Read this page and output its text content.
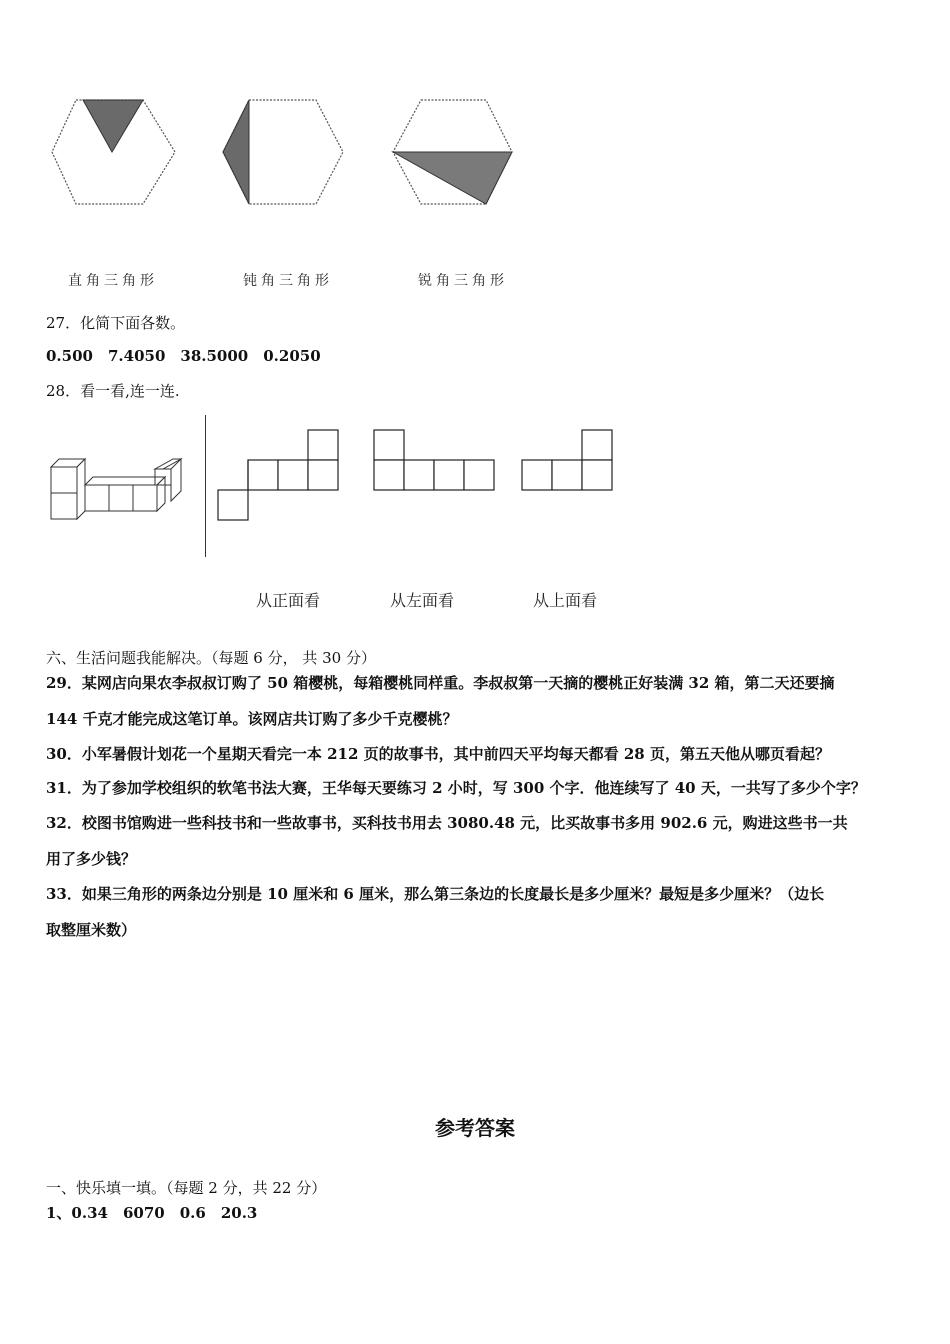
直角三角形	钝角三角形	锐角三角形
27．化简下面各数。
0.500　7.4050　38.5000　0.2050
28．看一看,连一连.
从正面看	从左面看	从上面看
六、生活问题我能解决。（每题 6 分， 共 30 分）
29．某网店向果农李叔叔订购了 50 箱樱桃，每箱樱桃同样重。李叔叔第一天摘的樱桃正好装满 32 箱，第二天还要摘
144 千克才能完成这笔订单。该网店共订购了多少千克樱桃？
30．小军暑假计划花一个星期天看完一本 212 页的故事书，其中前四天平均每天都看 28 页，第五天他从哪页看起？
31．为了参加学校组织的软笔书法大赛，王华每天要练习 2 小时，写 300 个字．他连续写了 40 天，一共写了多少个字？
32．校图书馆购进一些科技书和一些故事书，买科技书用去 3080.48 元，比买故事书多用 902.6 元，购进这些书一共
用了多少钱？
33．如果三角形的两条边分别是 10 厘米和 6 厘米，那么第三条边的长度最长是多少厘米？最短是多少厘米？（边长
取整厘米数）
参考答案
一、快乐填一填。（每题 2 分，共 22 分）
1、0.34　6070　0.6　20.3
